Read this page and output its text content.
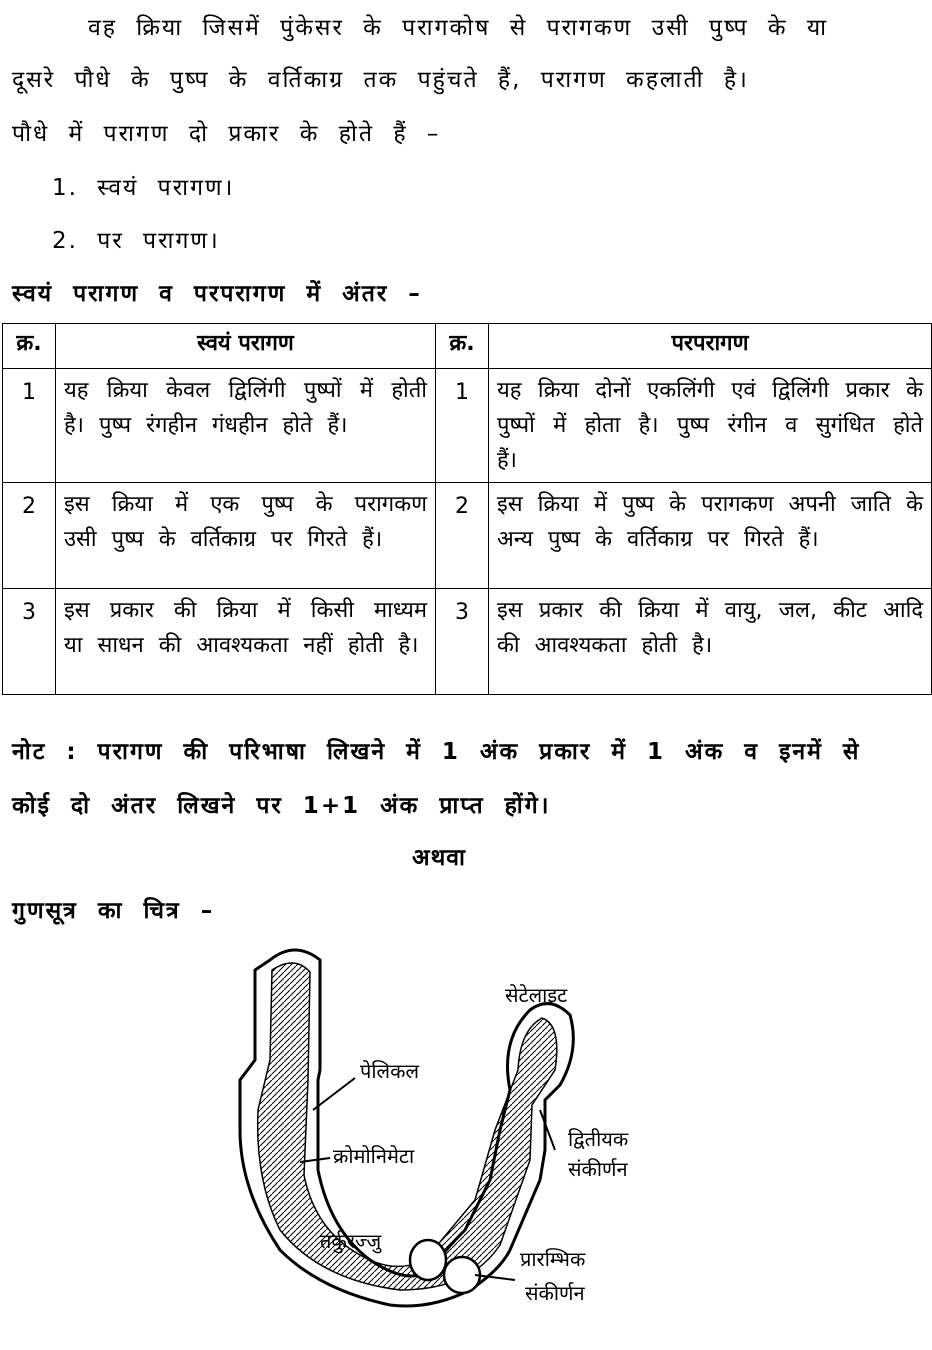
वह क्रिया जिसमें पुंकेसर के परागकोष से परागकण उसी पुष्प के या
दूसरे पौधे के पुष्प के वर्तिकाग्र तक पहुंचते हैं, परागण कहलाती है।
पौधे में परागण दो प्रकार के होते हैं –
1. स्वयं परागण।
2. पर परागण।
स्वयं परागण व परपरागण में अंतर –
क्र.	स्वयं परागण	क्र.	परपरागण
1	यह क्रिया केवल द्विलिंगी पुष्पों में होती है। पुष्प रंगहीन गंधहीन होते हैं।	1	यह क्रिया दोनों एकलिंगी एवं द्विलिंगी प्रकार के पुष्पों में होता है। पुष्प रंगीन व सुगंधित होते हैं।
2	इस क्रिया में एक पुष्प के परागकण उसी पुष्प के वर्तिकाग्र पर गिरते हैं।	2	इस क्रिया में पुष्प के परागकण अपनी जाति के अन्य पुष्प के वर्तिकाग्र पर गिरते हैं।
3	इस प्रकार की क्रिया में किसी माध्यम या साधन की आवश्यकता नहीं होती है।	3	इस प्रकार की क्रिया में वायु, जल, कीट आदि की आवश्यकता होती है।
नोट : परागण की परिभाषा लिखने में 1 अंक प्रकार में 1 अंक व इनमें से
कोई दो अंतर लिखने पर 1+1 अंक प्राप्त होंगे।
अथवा
गुणसूत्र का चित्र –
सेटेलाइट
पेलिकल
क्रोमोनिमेटा
द्वितीयक
संकीर्णन
तर्कुरज्जु
प्रारम्भिक
संकीर्णन
